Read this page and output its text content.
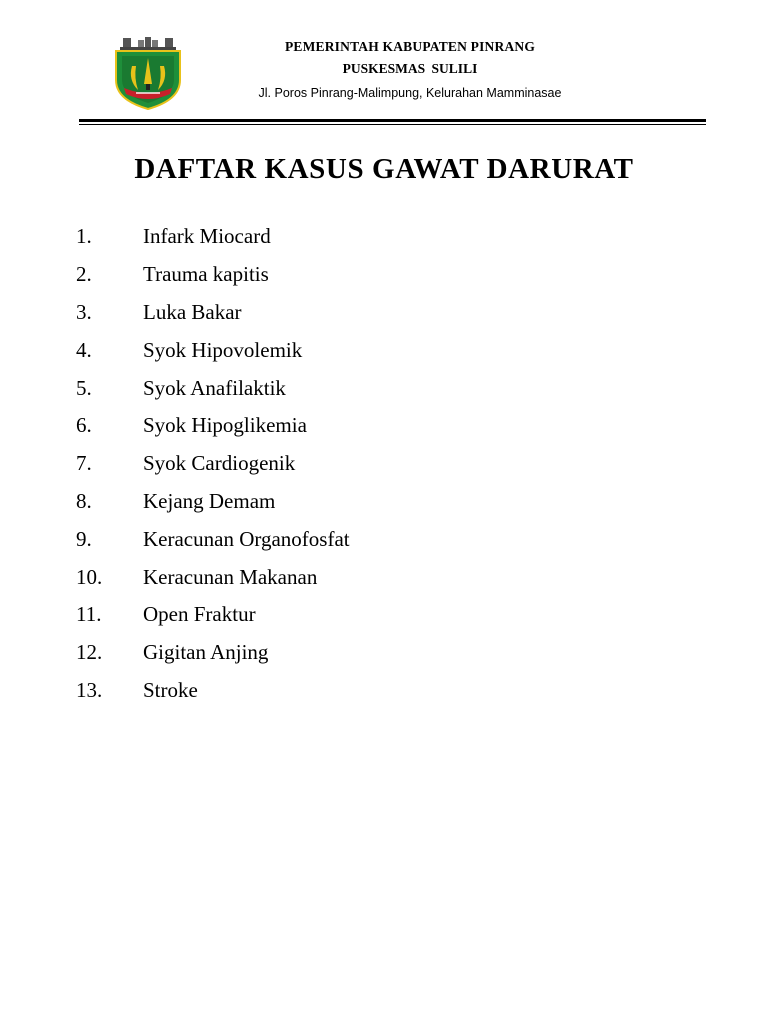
PEMERINTAH KABUPATEN PINRANG
PUSKESMAS SULILI
Jl. Poros Pinrang-Malimpung, Kelurahan Mamminasae
DAFTAR KASUS GAWAT DARURAT
1.	Infark Miocard
2.	Trauma kapitis
3.	Luka Bakar
4.	Syok Hipovolemik
5.	Syok Anafilaktik
6.	Syok Hipoglikemia
7.	Syok Cardiogenik
8.	Kejang Demam
9.	Keracunan Organofosfat
10.	Keracunan Makanan
11.	Open Fraktur
12.	Gigitan Anjing
13.	Stroke
